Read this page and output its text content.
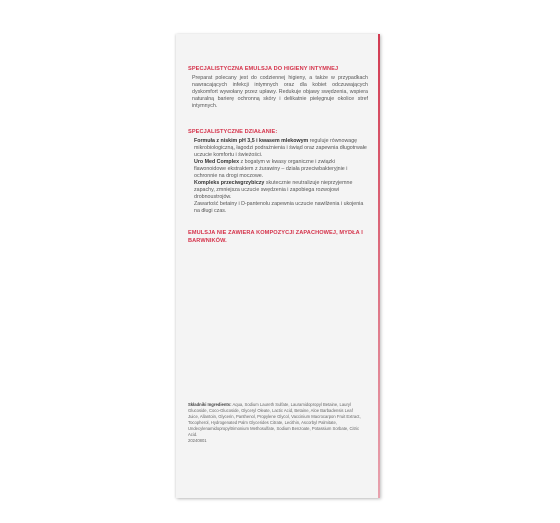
SPECJALISTYCZNA EMULSJA DO HIGIENY INTYMNEJ

Preparat polecany jest do codziennej higieny, a także w przypadkach nawracających infekcji intymnych oraz dla kobiet odczuwających dyskomfort wywołany przez upławy. Redukuje objawy swędzenia, wspiera naturalną barierę ochronną skóry i delikatnie pielęgnuje okolice stref intymnych.

SPECJALISTYCZNE DZIAŁANIE:

Formuła z niskim pH 3,5 i kwasem mlekowym reguluje równowagę mikrobiologiczną, łagodzi podrażnienia i świąd oraz zapewnia długotrwałe uczucie komfortu i świeżości.

Uro Med Complex z bogatym w kwasy organiczne i związki flawonoidowe ekstraktem z żurawiny – działa przeciwbakteryjnie i ochronnie na drogi moczowe.

Kompleks przeciwgrzybiczy skutecznie neutralizuje nieprzyjemne zapachy, zmniejsza uczucie swędzenia i zapobiega rozwojowi drobnoustrojów.

Zawartość betainy i D-pantenolu zapewnia uczucie nawilżenia i ukojenia na długi czas.

EMULSJA NIE ZAWIERA KOMPOZYCJI ZAPACHOWEJ, MYDŁA I BARWNIKÓW.
Składniki Ingredients: Aqua, Sodium Laureth Sulfate, Lauramidopropyl Betaine, Lauryl Glucoside, Coco-Glucoside, Glyceryl Oleate, Lactic Acid, Betaine, Aloe Barbadensis Leaf Juice, Allantoin, Glycerin, Panthenol, Propylene Glycol, Vaccinium Macrocarpon Fruit Extract, Tocopherol, Hydrogenated Palm Glycerides Citrate, Lecithin, Ascorbyl Palmitate, Undecylenamidopropyltrimonium Methosulfate, Sodium Benzoate, Potassium Sorbate, Citric Acid.
20240801
